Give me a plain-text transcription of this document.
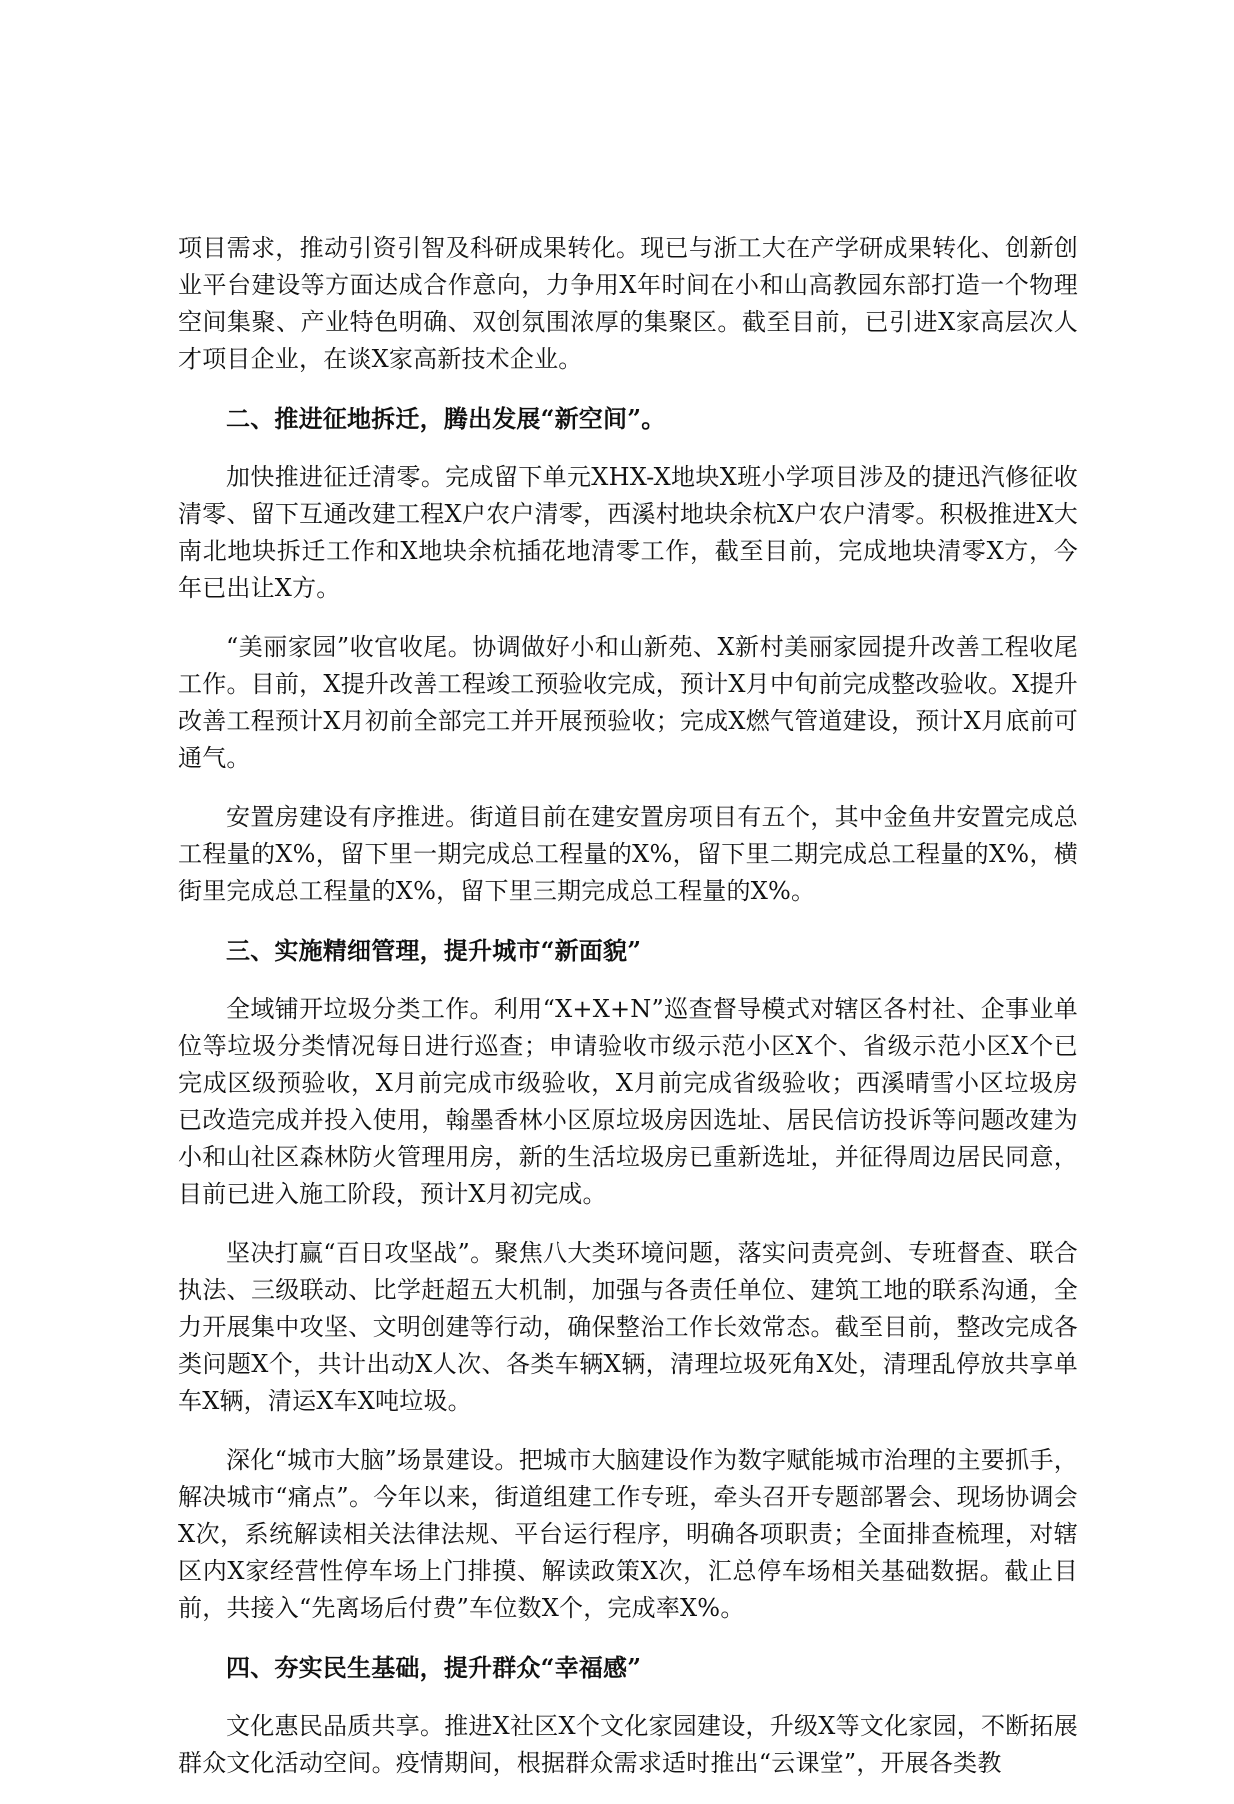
项目需求，推动引资引智及科研成果转化。现已与浙工大在产学研成果转化、创新创业平台建设等方面达成合作意向，力争用X年时间在小和山高教园东部打造一个物理空间集聚、产业特色明确、双创氛围浓厚的集聚区。截至目前，已引进X家高层次人才项目企业，在谈X家高新技术企业。

二、推进征地拆迁，腾出发展“新空间”。

加快推进征迁清零。完成留下单元XHX-X地块X班小学项目涉及的捷迅汽修征收清零、留下互通改建工程X户农户清零，西溪村地块余杭X户农户清零。积极推进X大南北地块拆迁工作和X地块余杭插花地清零工作，截至目前，完成地块清零X方，今年已出让X方。

“美丽家园”收官收尾。协调做好小和山新苑、X新村美丽家园提升改善工程收尾工作。目前，X提升改善工程竣工预验收完成，预计X月中旬前完成整改验收。X提升改善工程预计X月初前全部完工并开展预验收；完成X燃气管道建设，预计X月底前可通气。

安置房建设有序推进。街道目前在建安置房项目有五个，其中金鱼井安置完成总工程量的X%，留下里一期完成总工程量的X%，留下里二期完成总工程量的X%，横街里完成总工程量的X%，留下里三期完成总工程量的X%。

三、实施精细管理，提升城市“新面貌”

全域铺开垃圾分类工作。利用“X+X+N”巡查督导模式对辖区各村社、企事业单位等垃圾分类情况每日进行巡查；申请验收市级示范小区X个、省级示范小区X个已完成区级预验收，X月前完成市级验收，X月前完成省级验收；西溪晴雪小区垃圾房已改造完成并投入使用，翰墨香林小区原垃圾房因选址、居民信访投诉等问题改建为小和山社区森林防火管理用房，新的生活垃圾房已重新选址，并征得周边居民同意，目前已进入施工阶段，预计X月初完成。

坚决打赢“百日攻坚战”。聚焦八大类环境问题，落实问责亮剑、专班督查、联合执法、三级联动、比学赶超五大机制，加强与各责任单位、建筑工地的联系沟通，全力开展集中攻坚、文明创建等行动，确保整治工作长效常态。截至目前，整改完成各类问题X个，共计出动X人次、各类车辆X辆，清理垃圾死角X处，清理乱停放共享单车X辆，清运X车X吨垃圾。

深化“城市大脑”场景建设。把城市大脑建设作为数字赋能城市治理的主要抓手，解决城市“痛点”。今年以来，街道组建工作专班，牵头召开专题部署会、现场协调会X次，系统解读相关法律法规、平台运行程序，明确各项职责；全面排查梳理，对辖区内X家经营性停车场上门排摸、解读政策X次，汇总停车场相关基础数据。截止目前，共接入“先离场后付费”车位数X个，完成率X%。

四、夯实民生基础，提升群众“幸福感”

文化惠民品质共享。推进X社区X个文化家园建设，升级X等文化家园，不断拓展群众文化活动空间。疫情期间，根据群众需求适时推出“云课堂”，开展各类教
